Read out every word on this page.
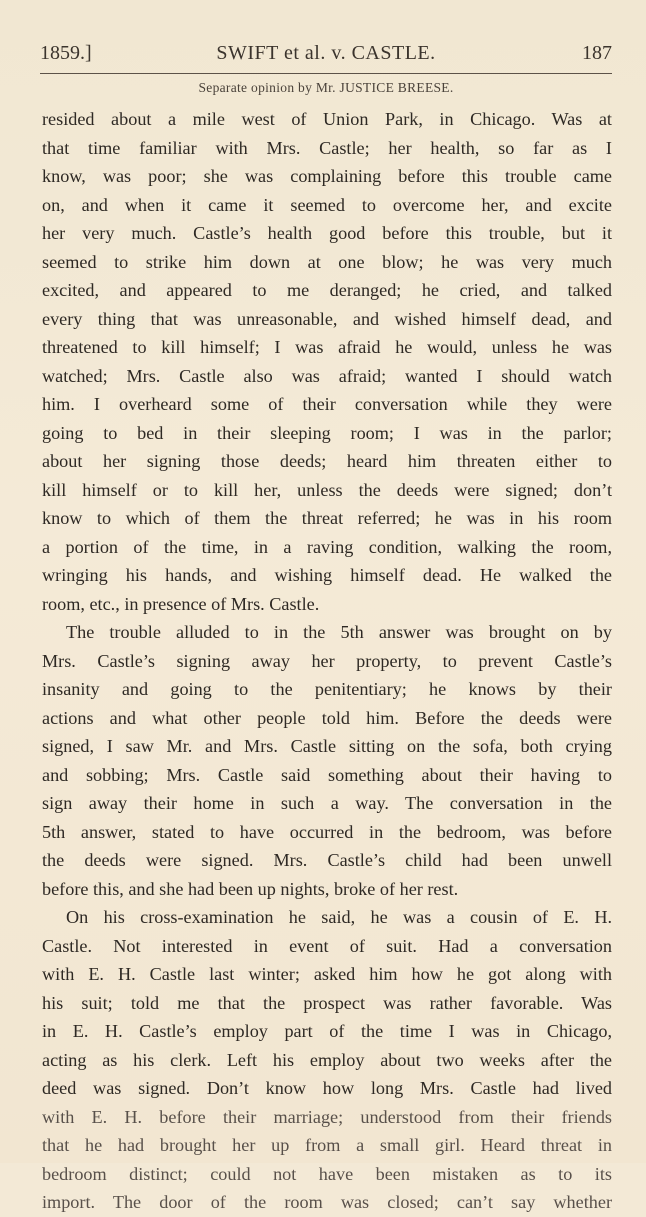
1859.]	SWIFT et al. v. CASTLE.	187
Separate opinion by Mr. JUSTICE BREESE.
resided about a mile west of Union Park, in Chicago. Was at
that time familiar with Mrs. Castle; her health, so far as I
know, was poor; she was complaining before this trouble came
on, and when it came it seemed to overcome her, and excite
her very much. Castle’s health good before this trouble, but it
seemed to strike him down at one blow; he was very much
excited, and appeared to me deranged; he cried, and talked
every thing that was unreasonable, and wished himself dead, and
threatened to kill himself; I was afraid he would, unless he was
watched; Mrs. Castle also was afraid; wanted I should watch
him. I overheard some of their conversation while they were
going to bed in their sleeping room; I was in the parlor;
about her signing those deeds; heard him threaten either to
kill himself or to kill her, unless the deeds were signed; don’t
know to which of them the threat referred; he was in his room
a portion of the time, in a raving condition, walking the room,
wringing his hands, and wishing himself dead. He walked the
room, etc., in presence of Mrs. Castle.
The trouble alluded to in the 5th answer was brought on by
Mrs. Castle’s signing away her property, to prevent Castle’s
insanity and going to the penitentiary; he knows by their
actions and what other people told him. Before the deeds were
signed, I saw Mr. and Mrs. Castle sitting on the sofa, both crying
and sobbing; Mrs. Castle said something about their having to
sign away their home in such a way. The conversation in the
5th answer, stated to have occurred in the bedroom, was before
the deeds were signed. Mrs. Castle’s child had been unwell
before this, and she had been up nights, broke of her rest.
On his cross-examination he said, he was a cousin of E. H.
Castle. Not interested in event of suit. Had a conversation
with E. H. Castle last winter; asked him how he got along with
his suit; told me that the prospect was rather favorable. Was
in E. H. Castle’s employ part of the time I was in Chicago,
acting as his clerk. Left his employ about two weeks after the
deed was signed. Don’t know how long Mrs. Castle had lived
with E. H. before their marriage; understood from their friends
that he had brought her up from a small girl. Heard threat in
bedroom distinct; could not have been mistaken as to its
import. The door of the room was closed; can’t say whether
